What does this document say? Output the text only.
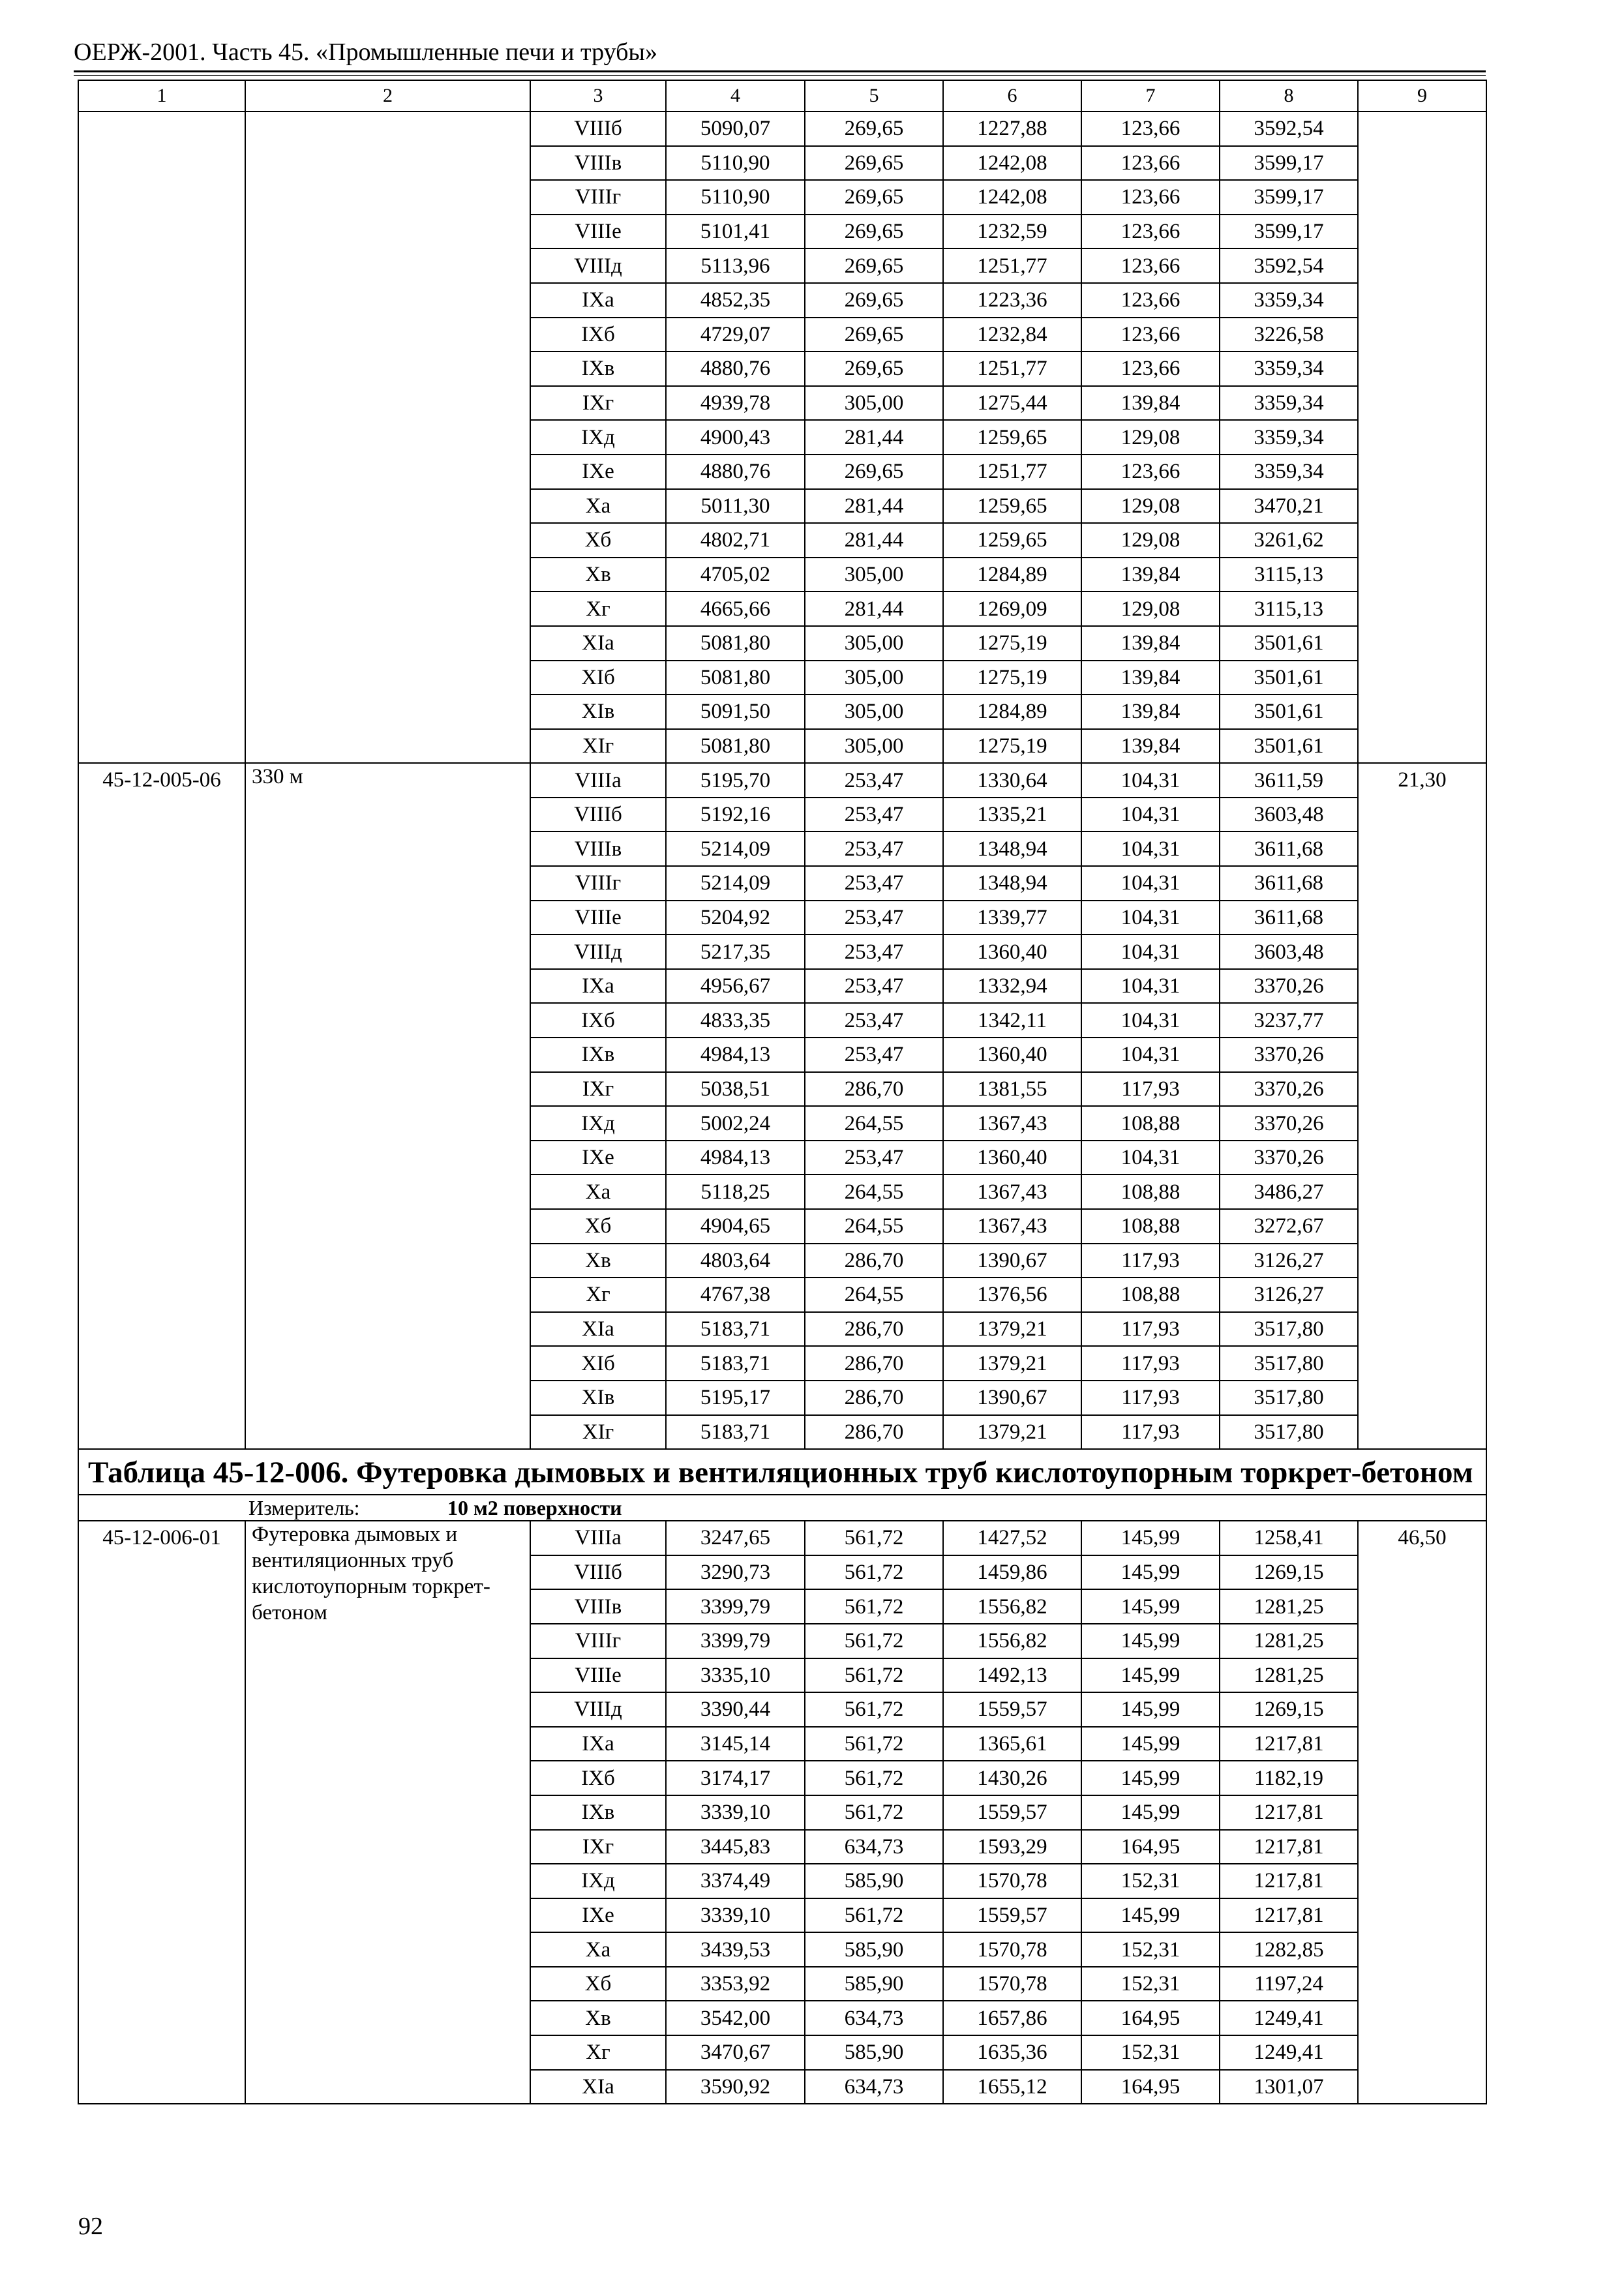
ОЕРЖ-2001. Часть 45. «Промышленные печи и трубы»
1	2	3	4	5	6	7	8	9
		VIIIб	5090,07	269,65	1227,88	123,66	3592,54	
		VIIIв	5110,90	269,65	1242,08	123,66	3599,17	
		VIIIг	5110,90	269,65	1242,08	123,66	3599,17	
		VIIIе	5101,41	269,65	1232,59	123,66	3599,17	
		VIIIд	5113,96	269,65	1251,77	123,66	3592,54	
		IXа	4852,35	269,65	1223,36	123,66	3359,34	
		IXб	4729,07	269,65	1232,84	123,66	3226,58	
		IXв	4880,76	269,65	1251,77	123,66	3359,34	
		IXг	4939,78	305,00	1275,44	139,84	3359,34	
		IXд	4900,43	281,44	1259,65	129,08	3359,34	
		IXе	4880,76	269,65	1251,77	123,66	3359,34	
		Xа	5011,30	281,44	1259,65	129,08	3470,21	
		Xб	4802,71	281,44	1259,65	129,08	3261,62	
		Xв	4705,02	305,00	1284,89	139,84	3115,13	
		Xг	4665,66	281,44	1269,09	129,08	3115,13	
		XIа	5081,80	305,00	1275,19	139,84	3501,61	
		XIб	5081,80	305,00	1275,19	139,84	3501,61	
		XIв	5091,50	305,00	1284,89	139,84	3501,61	
		XIг	5081,80	305,00	1275,19	139,84	3501,61	
45-12-005-06	330 м	VIIIа	5195,70	253,47	1330,64	104,31	3611,59	21,30
		VIIIб	5192,16	253,47	1335,21	104,31	3603,48	
		VIIIв	5214,09	253,47	1348,94	104,31	3611,68	
		VIIIг	5214,09	253,47	1348,94	104,31	3611,68	
		VIIIе	5204,92	253,47	1339,77	104,31	3611,68	
		VIIIд	5217,35	253,47	1360,40	104,31	3603,48	
		IXа	4956,67	253,47	1332,94	104,31	3370,26	
		IXб	4833,35	253,47	1342,11	104,31	3237,77	
		IXв	4984,13	253,47	1360,40	104,31	3370,26	
		IXг	5038,51	286,70	1381,55	117,93	3370,26	
		IXд	5002,24	264,55	1367,43	108,88	3370,26	
		IXе	4984,13	253,47	1360,40	104,31	3370,26	
		Xа	5118,25	264,55	1367,43	108,88	3486,27	
		Xб	4904,65	264,55	1367,43	108,88	3272,67	
		Xв	4803,64	286,70	1390,67	117,93	3126,27	
		Xг	4767,38	264,55	1376,56	108,88	3126,27	
		XIа	5183,71	286,70	1379,21	117,93	3517,80	
		XIб	5183,71	286,70	1379,21	117,93	3517,80	
		XIв	5195,17	286,70	1390,67	117,93	3517,80	
		XIг	5183,71	286,70	1379,21	117,93	3517,80	
Таблица 45-12-006. Футеровка дымовых и вентиляционных труб кислотоупорным торкрет-бетоном								
Измеритель: 10 м2 поверхности								
45-12-006-01	Футеровка дымовых и вентиляционных труб кислотоупорным торкрет-бетоном	VIIIа	3247,65	561,72	1427,52	145,99	1258,41	46,50
		VIIIб	3290,73	561,72	1459,86	145,99	1269,15	
		VIIIв	3399,79	561,72	1556,82	145,99	1281,25	
		VIIIг	3399,79	561,72	1556,82	145,99	1281,25	
		VIIIе	3335,10	561,72	1492,13	145,99	1281,25	
		VIIIд	3390,44	561,72	1559,57	145,99	1269,15	
		IXа	3145,14	561,72	1365,61	145,99	1217,81	
		IXб	3174,17	561,72	1430,26	145,99	1182,19	
		IXв	3339,10	561,72	1559,57	145,99	1217,81	
		IXг	3445,83	634,73	1593,29	164,95	1217,81	
		IXд	3374,49	585,90	1570,78	152,31	1217,81	
		IXе	3339,10	561,72	1559,57	145,99	1217,81	
		Xа	3439,53	585,90	1570,78	152,31	1282,85	
		Xб	3353,92	585,90	1570,78	152,31	1197,24	
		Xв	3542,00	634,73	1657,86	164,95	1249,41	
		Xг	3470,67	585,90	1635,36	152,31	1249,41	
		XIа	3590,92	634,73	1655,12	164,95	1301,07	
92
